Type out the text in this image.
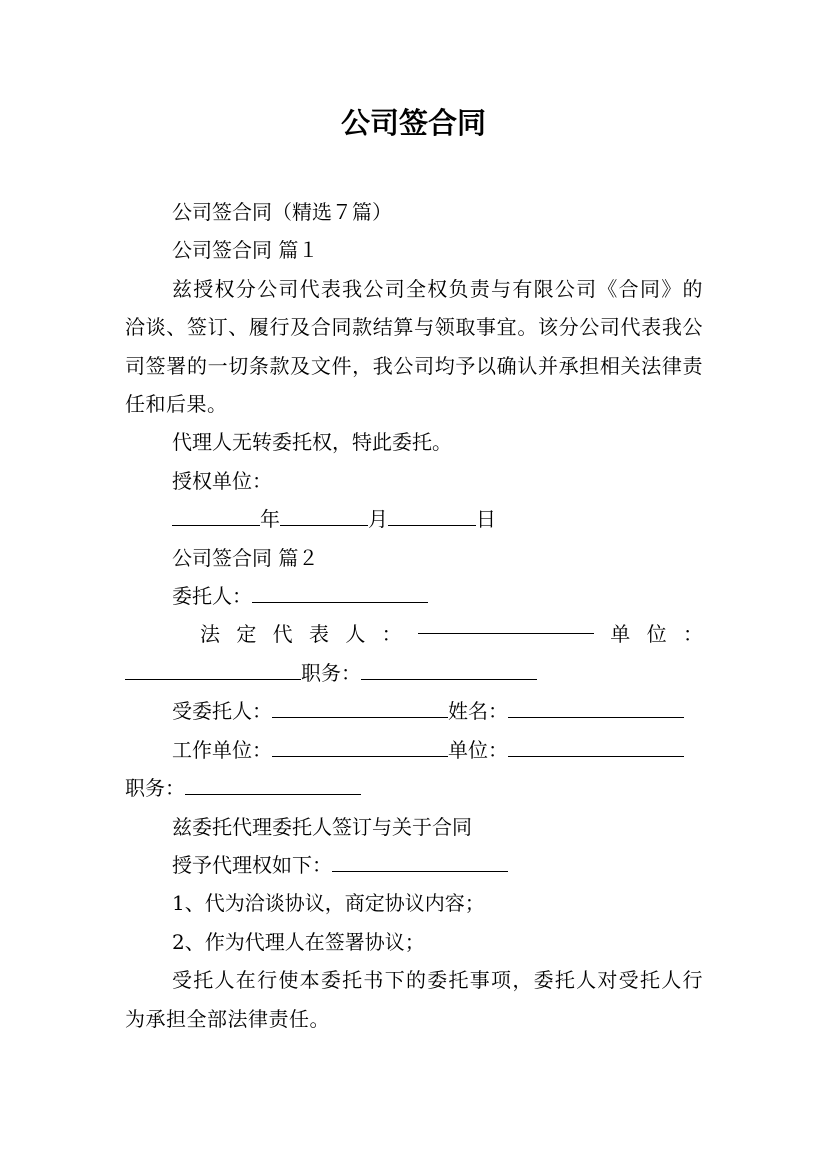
公司签合同

公司签合同（精选７篇）

公司签合同 篇１

兹授权分公司代表我公司全权负责与有限公司《合同》的洽谈、签订、履行及合同款结算与领取事宜。该分公司代表我公司签署的一切条款及文件，我公司均予以确认并承担相关法律责任和后果。

代理人无转委托权，特此委托。

授权单位：

年	月	日

公司签合同 篇２

委托人：

法 定 代 表 人 ：	单 位 ：

职务：

受委托人：	姓名：

工作单位：	单位：

职务：

兹委托代理委托人签订与关于合同

授予代理权如下：

1、代为洽谈协议，商定协议内容；

2、作为代理人在签署协议；

受托人在行使本委托书下的委托事项，委托人对受托人行为承担全部法律责任。
